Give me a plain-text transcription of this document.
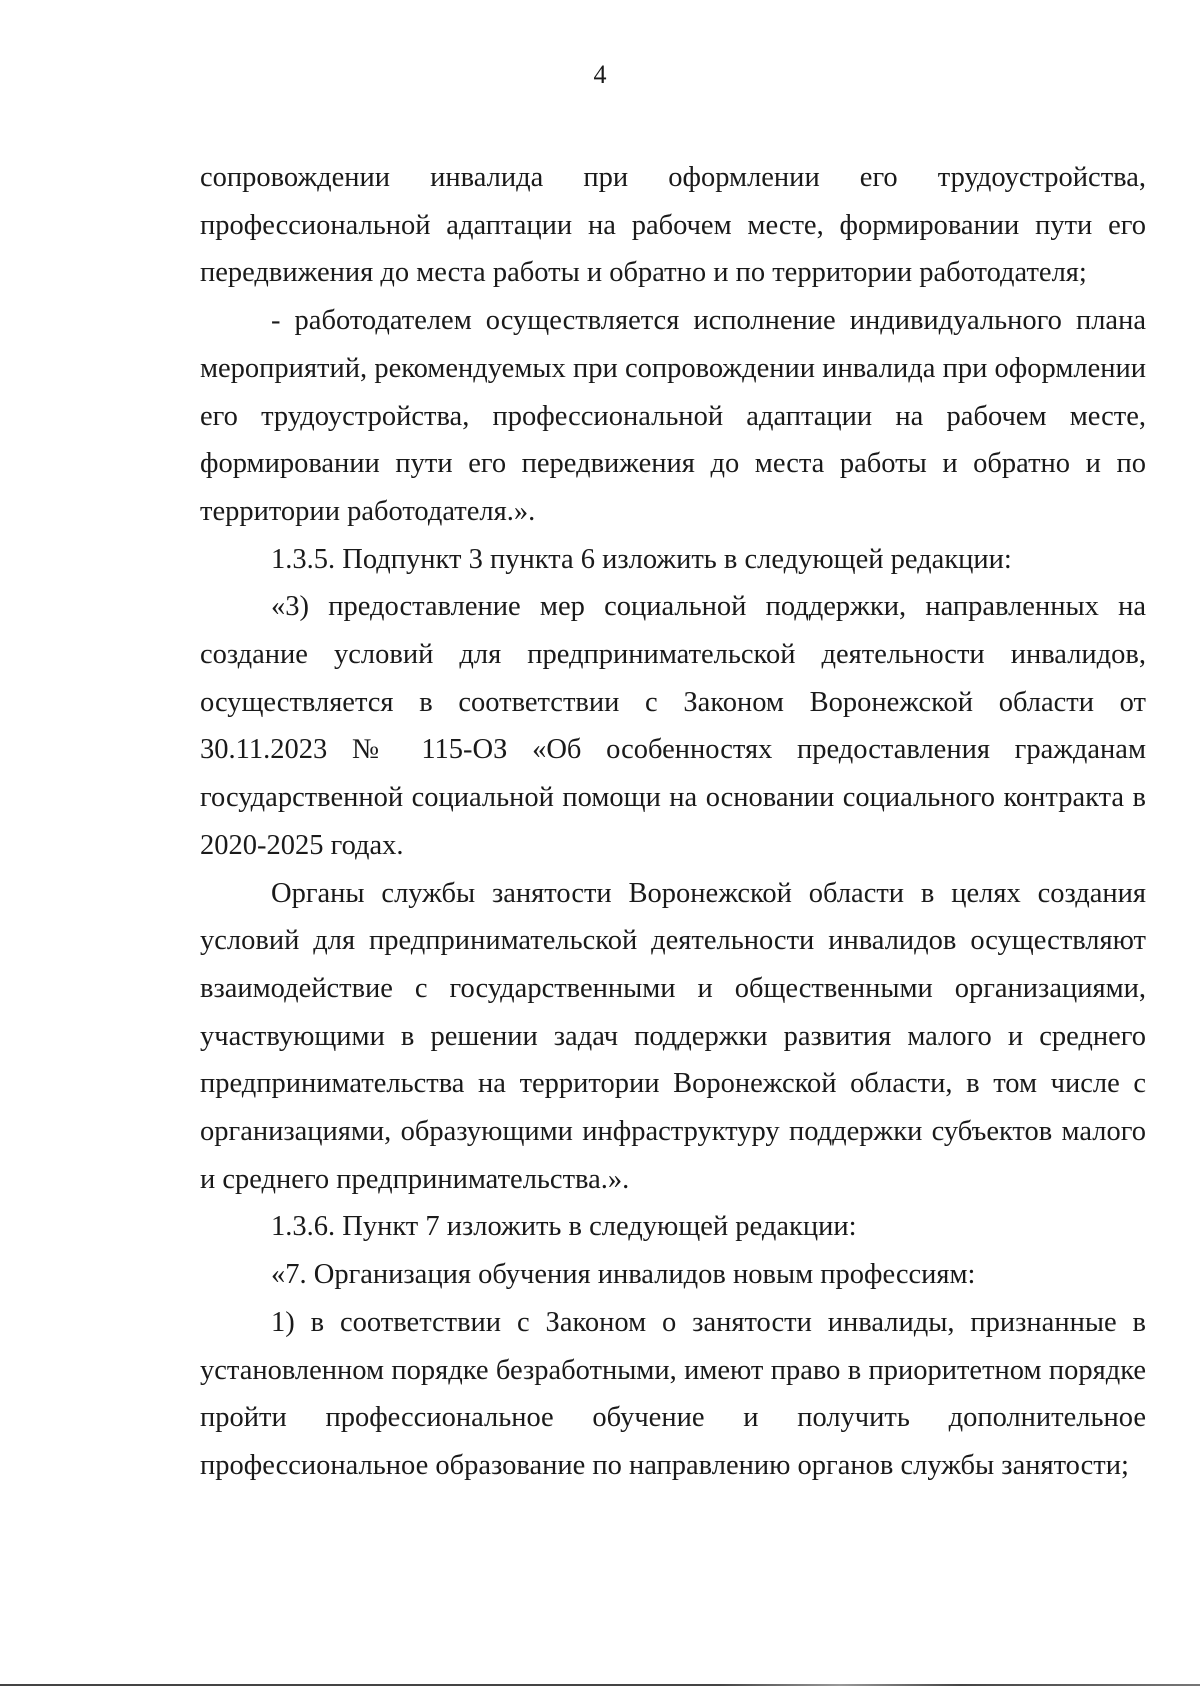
4

сопровождении инвалида при оформлении его трудоустройства, профессиональной адаптации на рабочем месте, формировании пути его передвижения до места работы и обратно и по территории работодателя;

- работодателем осуществляется исполнение индивидуального плана мероприятий, рекомендуемых при сопровождении инвалида при оформлении его трудоустройства, профессиональной адаптации на рабочем месте, формировании пути его передвижения до места работы и обратно и по территории работодателя.».

1.3.5. Подпункт 3 пункта 6 изложить в следующей редакции:

«3) предоставление мер социальной поддержки, направленных на создание условий для предпринимательской деятельности инвалидов, осуществляется в соответствии с Законом Воронежской области от 30.11.2023 № 115-ОЗ «Об особенностях предоставления гражданам государственной социальной помощи на основании социального контракта в 2020-2025 годах.

Органы службы занятости Воронежской области в целях создания условий для предпринимательской деятельности инвалидов осуществляют взаимодействие с государственными и общественными организациями, участвующими в решении задач поддержки развития малого и среднего предпринимательства на территории Воронежской области, в том числе с организациями, образующими инфраструктуру поддержки субъектов малого и среднего предпринимательства.».

1.3.6. Пункт 7 изложить в следующей редакции:

«7. Организация обучения инвалидов новым профессиям:

1) в соответствии с Законом о занятости инвалиды, признанные в установленном порядке безработными, имеют право в приоритетном порядке пройти профессиональное обучение и получить дополнительное профессиональное образование по направлению органов службы занятости;
